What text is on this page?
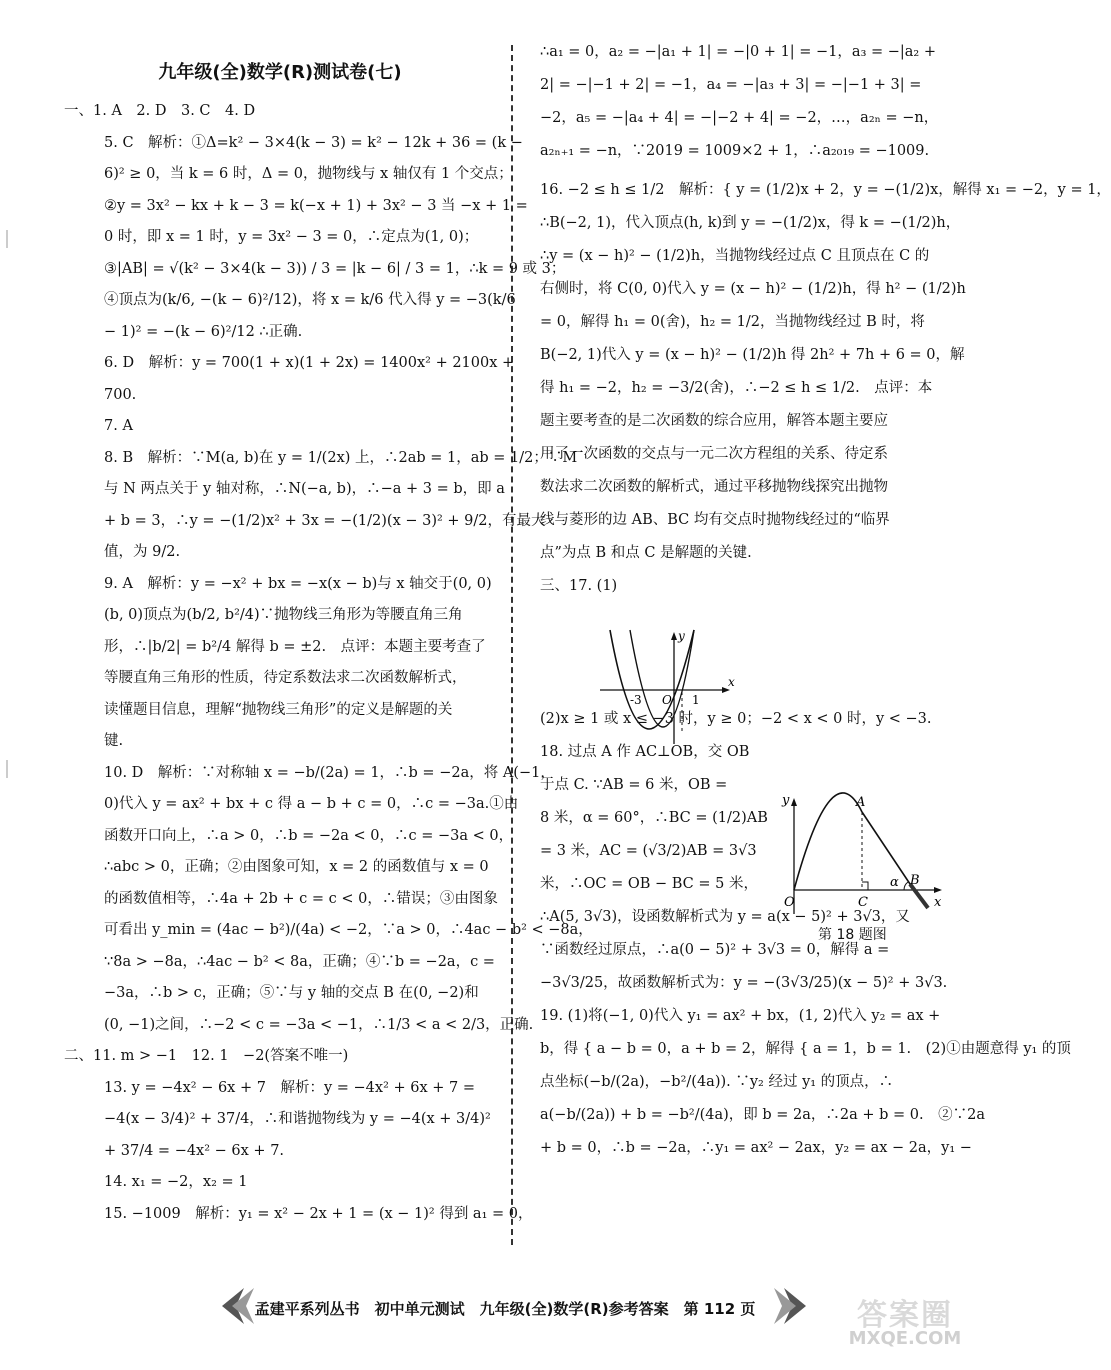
九年级(全)数学(R)测试卷(七)
一、1. A　2. D　3. C　4. D
5. C　解析：①Δ=k² − 3×4(k − 3) = k² − 12k + 36 = (k −
6)² ≥ 0，当 k = 6 时，Δ = 0，抛物线与 x 轴仅有 1 个交点；
②y = 3x² − kx + k − 3 = k(−x + 1) + 3x² − 3 当 −x + 1 =
0 时，即 x = 1 时，y = 3x² − 3 = 0，∴定点为(1, 0)；
③|AB| = √(k² − 3×4(k − 3)) / 3 = |k − 6| / 3 = 1，∴k = 9 或 3；
④顶点为(k/6, −(k − 6)²/12)，将 x = k/6 代入得 y = −3(k/6
− 1)² = −(k − 6)²/12 ∴正确.
6. D　解析：y = 700(1 + x)(1 + 2x) = 1400x² + 2100x +
700.
7. A
8. B　解析：∵M(a, b)在 y = 1/(2x) 上，∴2ab = 1，ab = 1/2；∵M
与 N 两点关于 y 轴对称，∴N(−a, b)，∴−a + 3 = b，即 a
+ b = 3，∴y = −(1/2)x² + 3x = −(1/2)(x − 3)² + 9/2，有最大
值，为 9/2.
9. A　解析：y = −x² + bx = −x(x − b)与 x 轴交于(0, 0)
(b, 0)顶点为(b/2, b²/4)∵抛物线三角形为等腰直角三角
形，∴|b/2| = b²/4 解得 b = ±2.　点评：本题主要考查了
等腰直角三角形的性质，待定系数法求二次函数解析式，
读懂题目信息，理解“抛物线三角形”的定义是解题的关
键.
10. D　解析：∵对称轴 x = −b/(2a) = 1，∴b = −2a，将 A(−1，
0)代入 y = ax² + bx + c 得 a − b + c = 0，∴c = −3a.①由
函数开口向上，∴a > 0，∴b = −2a < 0，∴c = −3a < 0，
∴abc > 0，正确；②由图象可知，x = 2 的函数值与 x = 0
的函数值相等，∴4a + 2b + c = c < 0，∴错误；③由图象
可看出 y_min = (4ac − b²)/(4a) < −2，∵a > 0，∴4ac − b² < −8a，
∵8a > −8a，∴4ac − b² < 8a，正确；④∵b = −2a，c =
−3a，∴b > c，正确；⑤∵与 y 轴的交点 B 在(0, −2)和
(0, −1)之间，∴−2 < c = −3a < −1，∴1/3 < a < 2/3，正确.
二、11. m > −1　12. 1　−2(答案不唯一)
13. y = −4x² − 6x + 7　解析：y = −4x² + 6x + 7 =
−4(x − 3/4)² + 37/4，∴和谐抛物线为 y = −4(x + 3/4)²
+ 37/4 = −4x² − 6x + 7.
14. x₁ = −2，x₂ = 1
15. −1009　解析：y₁ = x² − 2x + 1 = (x − 1)² 得到 a₁ = 0，
∴a₁ = 0，a₂ = −|a₁ + 1| = −|0 + 1| = −1，a₃ = −|a₂ +
2| = −|−1 + 2| = −1，a₄ = −|a₃ + 3| = −|−1 + 3| =
−2，a₅ = −|a₄ + 4| = −|−2 + 4| = −2，…，a₂ₙ = −n，
a₂ₙ₊₁ = −n，∵2019 = 1009×2 + 1，∴a₂₀₁₉ = −1009.
16. −2 ≤ h ≤ 1/2　解析：{ y = (1/2)x + 2，y = −(1/2)x，解得 x₁ = −2，y = 1，
∴B(−2, 1)，代入顶点(h, k)到 y = −(1/2)x，得 k = −(1/2)h，
∴y = (x − h)² − (1/2)h，当抛物线经过点 C 且顶点在 C 的
右侧时，将 C(0, 0)代入 y = (x − h)² − (1/2)h，得 h² − (1/2)h
= 0，解得 h₁ = 0(舍)，h₂ = 1/2，当抛物线经过 B 时，将
B(−2, 1)代入 y = (x − h)² − (1/2)h 得 2h² + 7h + 6 = 0，解
得 h₁ = −2，h₂ = −3/2(舍)，∴−2 ≤ h ≤ 1/2.　点评：本
题主要考查的是二次函数的综合应用，解答本题主要应
用了一次函数的交点与一元二次方程组的关系、待定系
数法求二次函数的解析式，通过平移抛物线探究出抛物
线与菱形的边 AB、BC 均有交点时抛物线经过的“临界
点”为点 B 和点 C 是解题的关键.
三、17. (1)
(2)x ≥ 1 或 x ≤ −3 时，y ≥ 0；−2 < x < 0 时，y < −3.
18. 过点 A 作 AC⊥OB，交 OB
于点 C. ∵AB = 6 米，OB =
8 米，α = 60°，∴BC = (1/2)AB
= 3 米，AC = (√3/2)AB = 3√3
米，∴OC = OB − BC = 5 米，
∴A(5, 3√3)，设函数解析式为 y = a(x − 5)² + 3√3，又
∵函数经过原点，∴a(0 − 5)² + 3√3 = 0，解得 a =
−3√3/25，故函数解析式为：y = −(3√3/25)(x − 5)² + 3√3.
19. (1)将(−1, 0)代入 y₁ = ax² + bx，(1, 2)代入 y₂ = ax +
b，得 { a − b = 0，a + b = 2，解得 { a = 1，b = 1.　(2)①由题意得 y₁ 的顶
点坐标(−b/(2a)，−b²/(4a)). ∵y₂ 经过 y₁ 的顶点，∴
a(−b/(2a)) + b = −b²/(4a)，即 b = 2a，∴2a + b = 0.　②∵2a
+ b = 0，∴b = −2a，∴y₁ = ax² − 2ax，y₂ = ax − 2a，y₁ −
x
y
-3 O 1
A
O	C
B
α
y
x
第 18 题图
孟建平系列丛书　初中单元测试　九年级(全)数学(R)参考答案　第 112 页	答案圈
MXQE.COM
